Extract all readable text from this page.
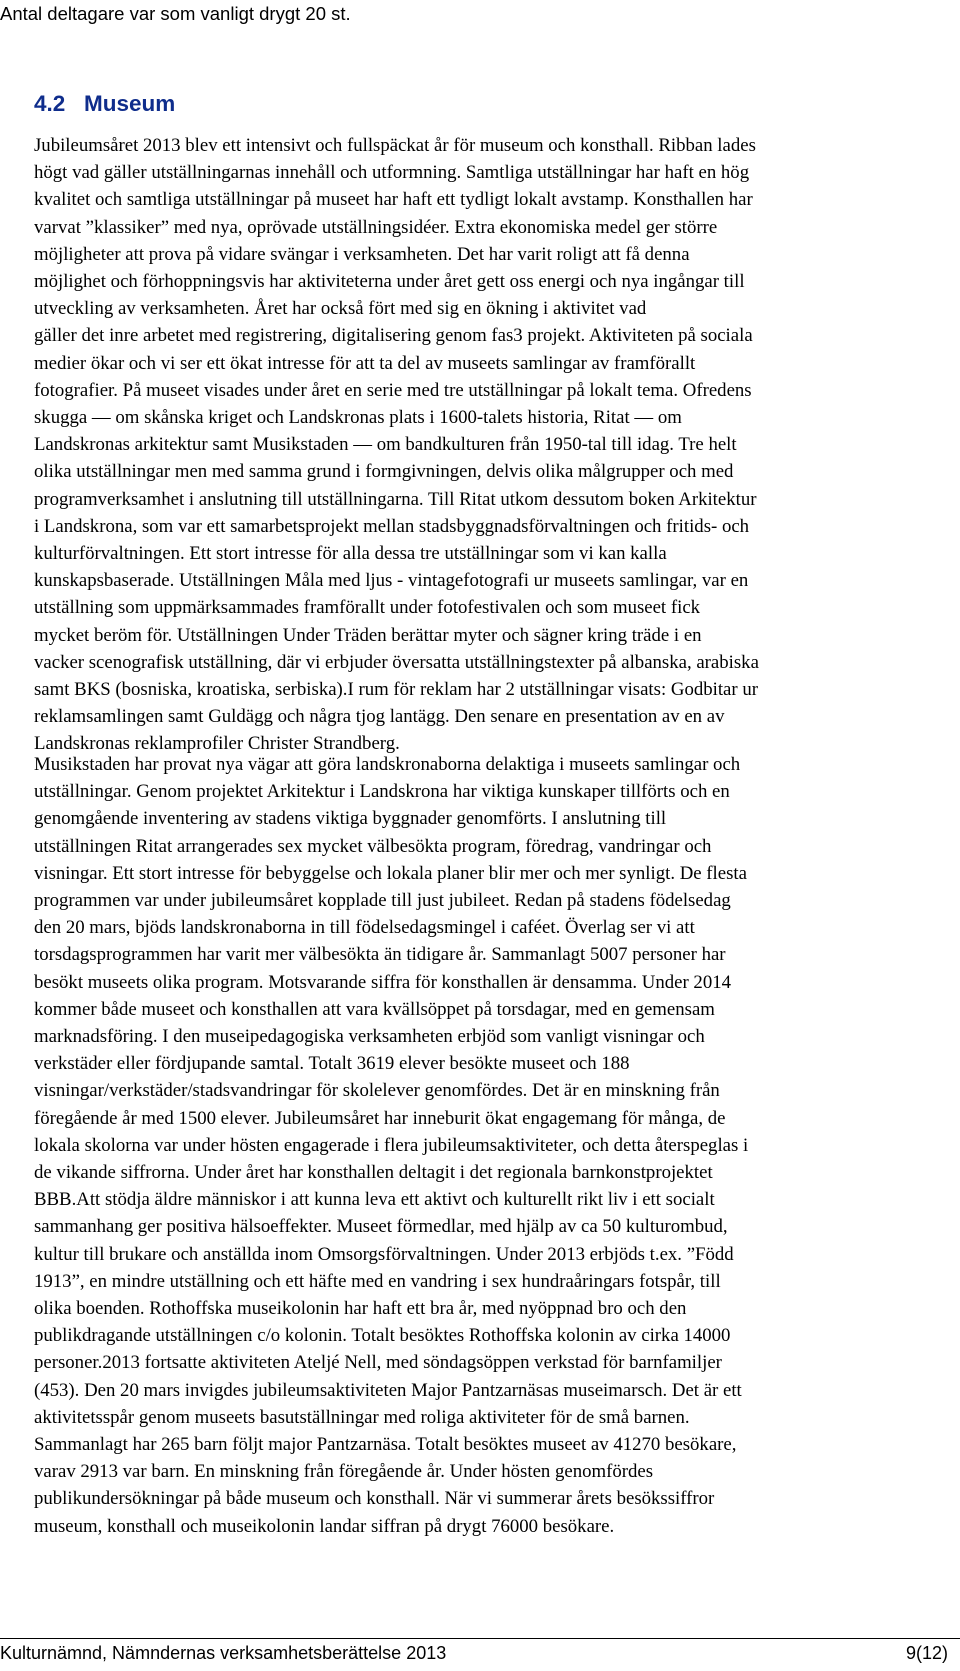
Antal deltagare var som vanligt drygt 20 st.
4.2 Museum
Jubileumsåret 2013 blev ett intensivt och fullspäckat år för museum och konsthall. Ribban lades
högt vad gäller utställningarnas innehåll och utformning. Samtliga utställningar har haft en hög
kvalitet och samtliga utställningar på museet har haft ett tydligt lokalt avstamp. Konsthallen har
varvat ”klassiker” med nya, oprövade utställningsidéer. Extra ekonomiska medel ger större
möjligheter att prova på vidare svängar i verksamheten. Det har varit roligt att få denna
möjlighet och förhoppningsvis har aktiviteterna under året gett oss energi och nya ingångar till
utveckling av verksamheten. Året har också fört med sig en ökning i aktivitet vad
gäller det inre arbetet med registrering, digitalisering genom fas3 projekt. Aktiviteten på sociala
medier ökar och vi ser ett ökat intresse för att ta del av museets samlingar av framförallt
fotografier. På museet visades under året en serie med tre utställningar på lokalt tema. Ofredens
skugga — om skånska kriget och Landskronas plats i 1600-talets historia, Ritat — om
Landskronas arkitektur samt Musikstaden — om bandkulturen från 1950-tal till idag. Tre helt
olika utställningar men med samma grund i formgivningen, delvis olika målgrupper och med
programverksamhet i anslutning till utställningarna. Till Ritat utkom dessutom boken Arkitektur
i Landskrona, som var ett samarbetsprojekt mellan stadsbyggnadsförvaltningen och fritids- och
kulturförvaltningen. Ett stort intresse för alla dessa tre utställningar som vi kan kalla
kunskapsbaserade. Utställningen Måla med ljus - vintagefotografi ur museets samlingar, var en
utställning som uppmärksammades framförallt under fotofestivalen och som museet fick
mycket beröm för. Utställningen Under Träden berättar myter och sägner kring träde i en
vacker scenografisk utställning, där vi erbjuder översatta utställningstexter på albanska, arabiska
samt BKS (bosniska, kroatiska, serbiska).I rum för reklam har 2 utställningar visats: Godbitar ur
reklamsamlingen samt Guldägg och några tjog lantägg. Den senare en presentation av en av
Landskronas reklamprofiler Christer Strandberg.
Musikstaden har provat nya vägar att göra landskronaborna delaktiga i museets samlingar och
utställningar. Genom projektet Arkitektur i Landskrona har viktiga kunskaper tillförts och en
genomgående inventering av stadens viktiga byggnader genomförts. I anslutning till
utställningen Ritat arrangerades sex mycket välbesökta program, föredrag, vandringar och
visningar. Ett stort intresse för bebyggelse och lokala planer blir mer och mer synligt. De flesta
programmen var under jubileumsåret kopplade till just jubileet. Redan på stadens födelsedag
den 20 mars, bjöds landskronaborna in till födelsedagsmingel i caféet. Överlag ser vi att
torsdagsprogrammen har varit mer välbesökta än tidigare år. Sammanlagt 5007 personer har
besökt museets olika program. Motsvarande siffra för konsthallen är densamma. Under 2014
kommer både museet och konsthallen att vara kvällsöppet på torsdagar, med en gemensam
marknadsföring. I den museipedagogiska verksamheten erbjöd som vanligt visningar och
verkstäder eller fördjupande samtal. Totalt 3619 elever besökte museet och 188
visningar/verkstäder/stadsvandringar för skolelever genomfördes. Det är en minskning från
föregående år med 1500 elever. Jubileumsåret har inneburit ökat engagemang för många, de
lokala skolorna var under hösten engagerade i flera jubileumsaktiviteter, och detta återspeglas i
de vikande siffrorna. Under året har konsthallen deltagit i det regionala barnkonstprojektet
BBB.Att stödja äldre människor i att kunna leva ett aktivt och kulturellt rikt liv i ett socialt
sammanhang ger positiva hälsoeffekter. Museet förmedlar, med hjälp av ca 50 kulturombud,
kultur till brukare och anställda inom Omsorgsförvaltningen. Under 2013 erbjöds t.ex. ”Född
1913”, en mindre utställning och ett häfte med en vandring i sex hundraåringars fotspår, till
olika boenden. Rothoffska museikolonin har haft ett bra år, med nyöppnad bro och den
publikdragande utställningen c/o kolonin. Totalt besöktes Rothoffska kolonin av cirka 14000
personer.2013 fortsatte aktiviteten Ateljé Nell, med söndagsöppen verkstad för barnfamiljer
(453). Den 20 mars invigdes jubileumsaktiviteten Major Pantzarnäsas museimarsch. Det är ett
aktivitetsspår genom museets basutställningar med roliga aktiviteter för de små barnen.
Sammanlagt har 265 barn följt major Pantzarnäsa. Totalt besöktes museet av 41270 besökare,
varav 2913 var barn. En minskning från föregående år. Under hösten genomfördes
publikundersökningar på både museum och konsthall. När vi summerar årets besökssiffror
museum, konsthall och museikolonin landar siffran på drygt 76000 besökare.
Kulturnämnd, Nämndernas verksamhetsberättelse 2013	9(12)
